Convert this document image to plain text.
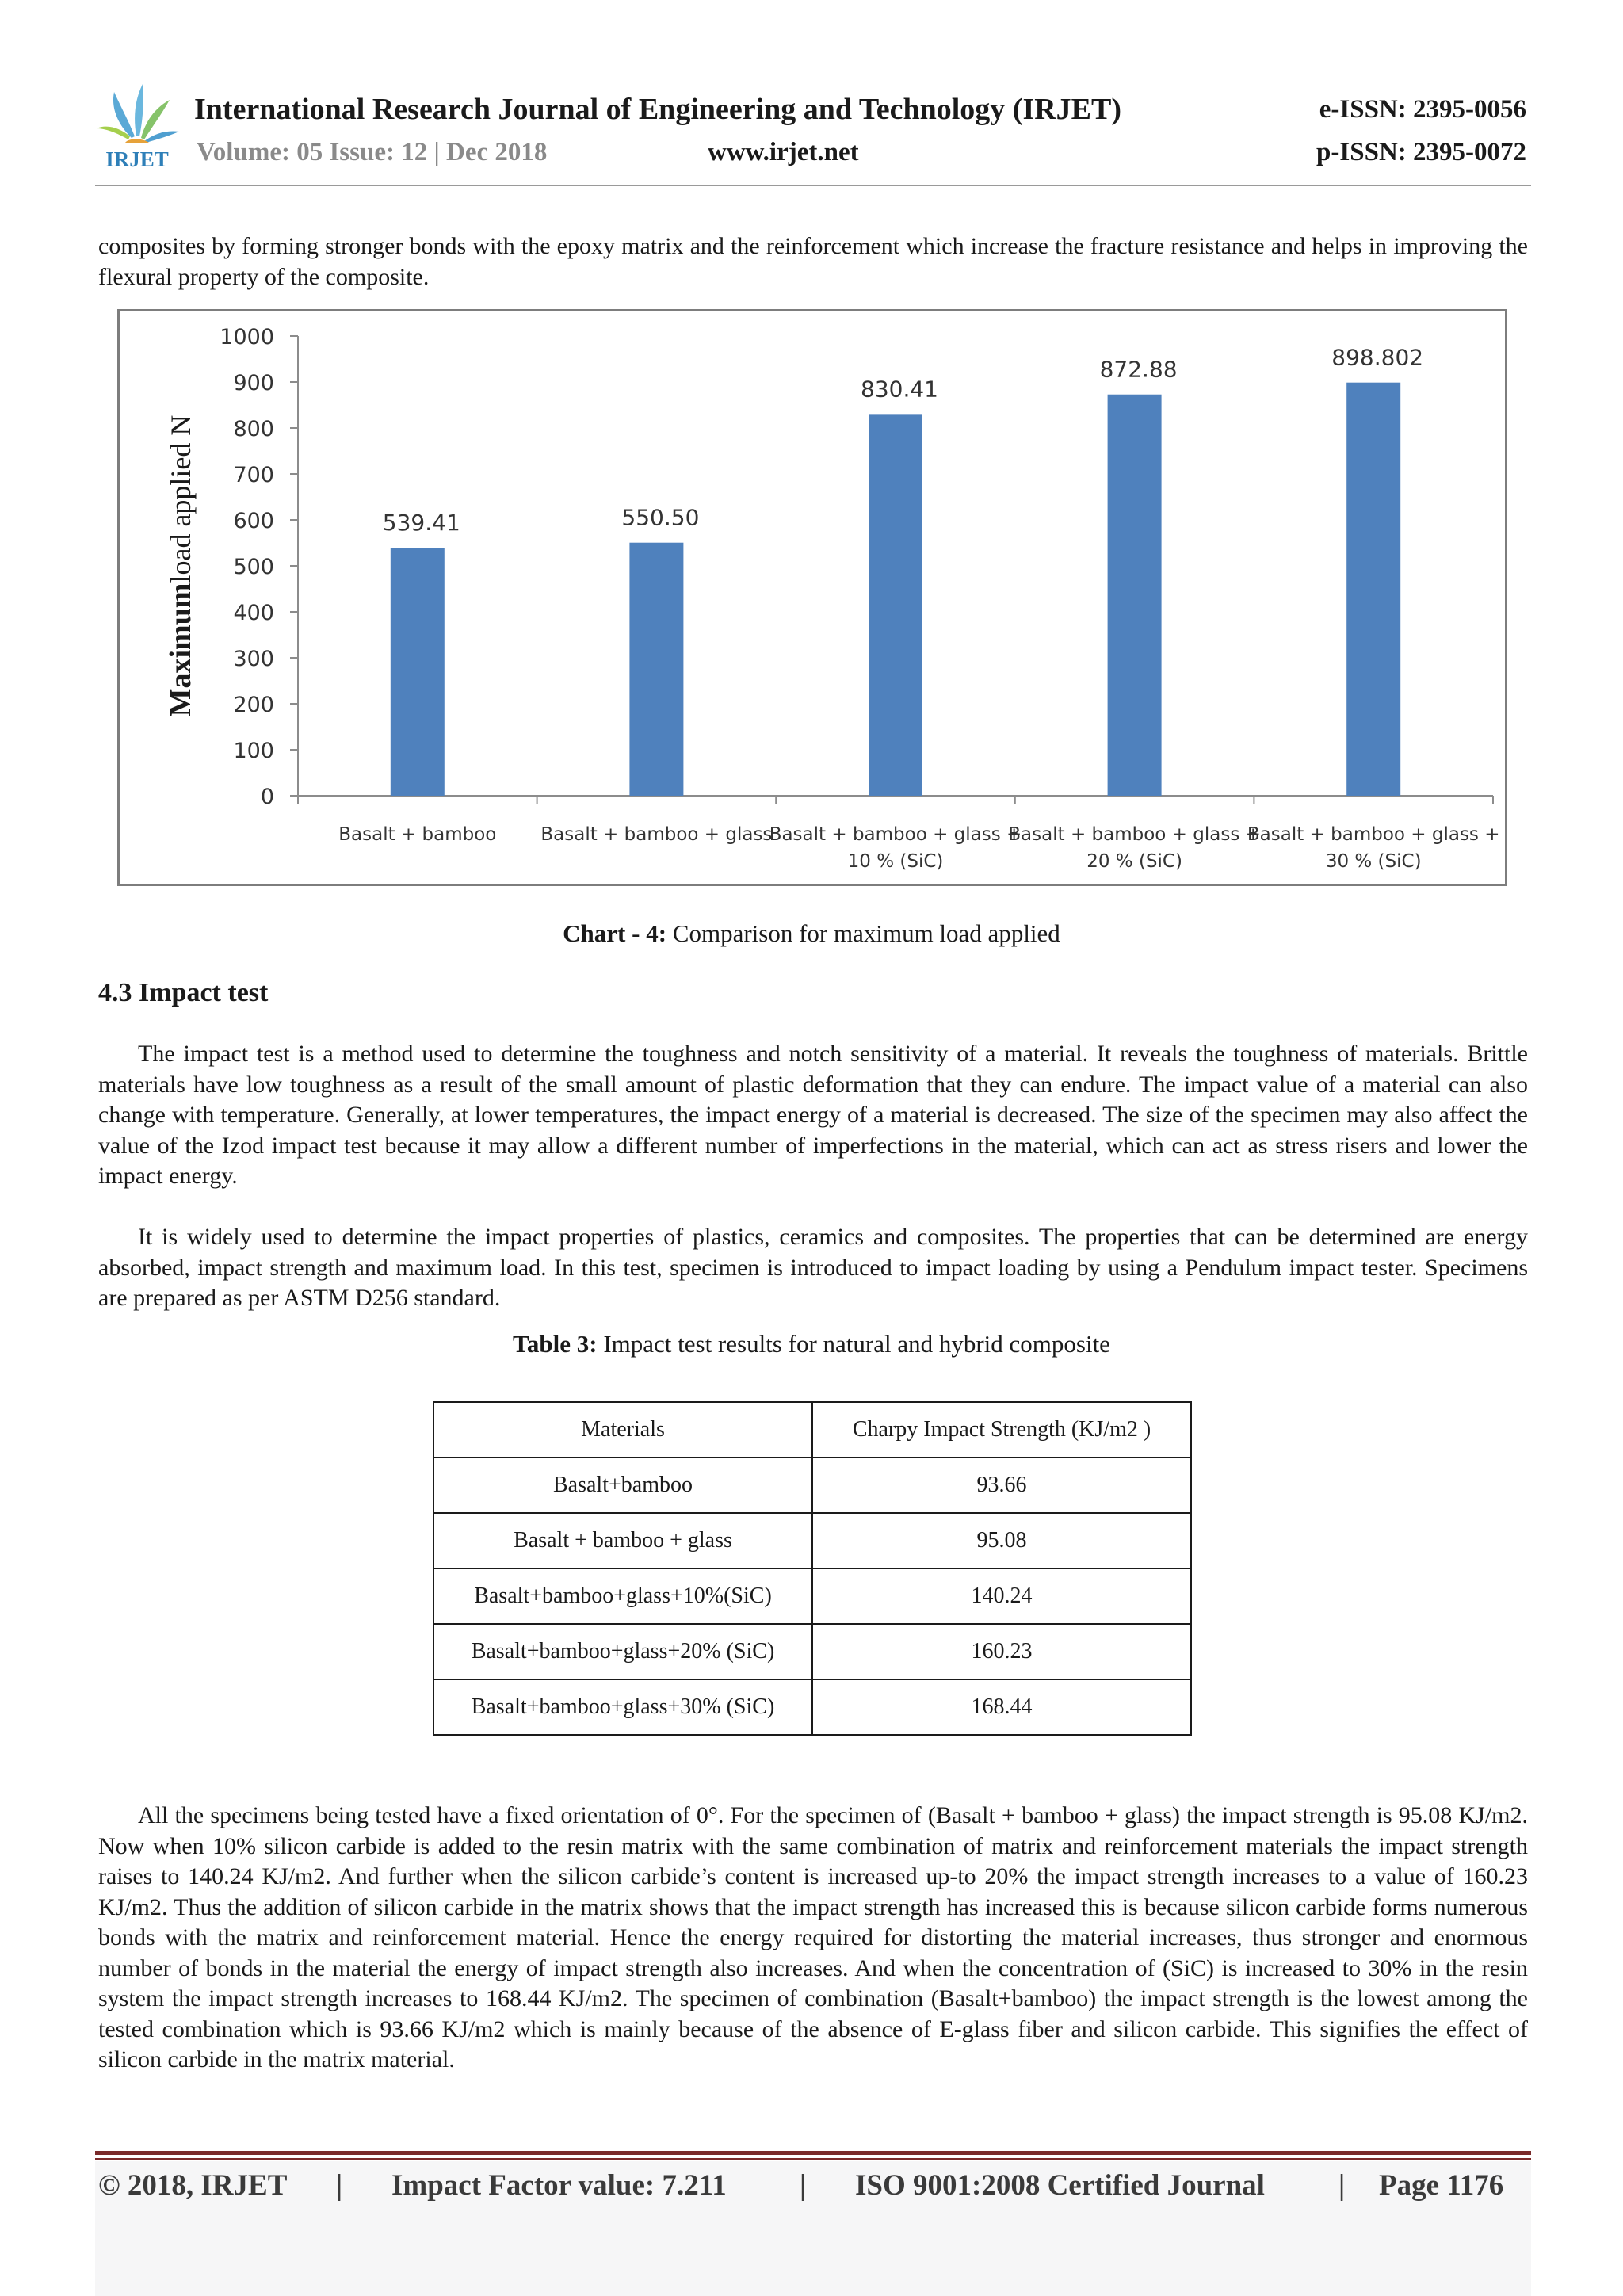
IRJET
International Research Journal of Engineering and Technology (IRJET)	e-ISSN: 2395-0056
Volume: 05 Issue: 12 | Dec 2018	www.irjet.net	p-ISSN: 2395-0072
composites by forming stronger bonds with the epoxy matrix and the reinforcement which increase the fracture resistance and helps in improving the flexural property of the composite.
0
100
200
300
400
500
600
700
800
900
1000
Maximumload applied N	539.41
Basalt + bamboo
550.50
Basalt + bamboo + glass
830.41
Basalt + bamboo + glass +
10 % (SiC)
872.88
Basalt + bamboo + glass +
20 % (SiC)
898.802
Basalt + bamboo + glass +
30 % (SiC)
Chart - 4: Comparison for maximum load applied
4.3 Impact test
The impact test is a method used to determine the toughness and notch sensitivity of a material. It reveals the toughness of materials. Brittle materials have low toughness as a result of the small amount of plastic deformation that they can endure. The impact value of a material can also change with temperature. Generally, at lower temperatures, the impact energy of a material is decreased. The size of the specimen may also affect the value of the Izod impact test because it may allow a different number of imperfections in the material, which can act as stress risers and lower the impact energy.
It is widely used to determine the impact properties of plastics, ceramics and composites. The properties that can be determined are energy absorbed, impact strength and maximum load. In this test, specimen is introduced to impact loading by using a Pendulum impact tester. Specimens are prepared as per ASTM D256 standard.
Table 3: Impact test results for natural and hybrid composite
Materials	Charpy Impact Strength (KJ/m2 )
Basalt+bamboo	93.66
Basalt + bamboo + glass	95.08
Basalt+bamboo+glass+10%(SiC)	140.24
Basalt+bamboo+glass+20% (SiC)	160.23
Basalt+bamboo+glass+30% (SiC)	168.44
All the specimens being tested have a fixed orientation of 0°. For the specimen of (Basalt + bamboo + glass) the impact strength is 95.08 KJ/m2. Now when 10% silicon carbide is added to the resin matrix with the same combination of matrix and reinforcement materials the impact strength raises to 140.24 KJ/m2. And further when the silicon carbide’s content is increased up-to 20% the impact strength increases to a value of 160.23 KJ/m2. Thus the addition of silicon carbide in the matrix shows that the impact strength has increased this is because silicon carbide forms numerous bonds with the matrix and reinforcement material. Hence the energy required for distorting the material increases, thus stronger and enormous number of bonds in the material the energy of impact strength also increases. And when the concentration of (SiC) is increased to 30% in the resin system the impact strength increases to 168.44 KJ/m2. The specimen of combination (Basalt+bamboo) the impact strength is the lowest among the tested combination which is 93.66 KJ/m2 which is mainly because of the absence of E-glass fiber and silicon carbide. This signifies the effect of silicon carbide in the matrix material.
© 2018, IRJET | Impact Factor value: 7.211 | ISO 9001:2008 Certified Journal	| Page 1176
